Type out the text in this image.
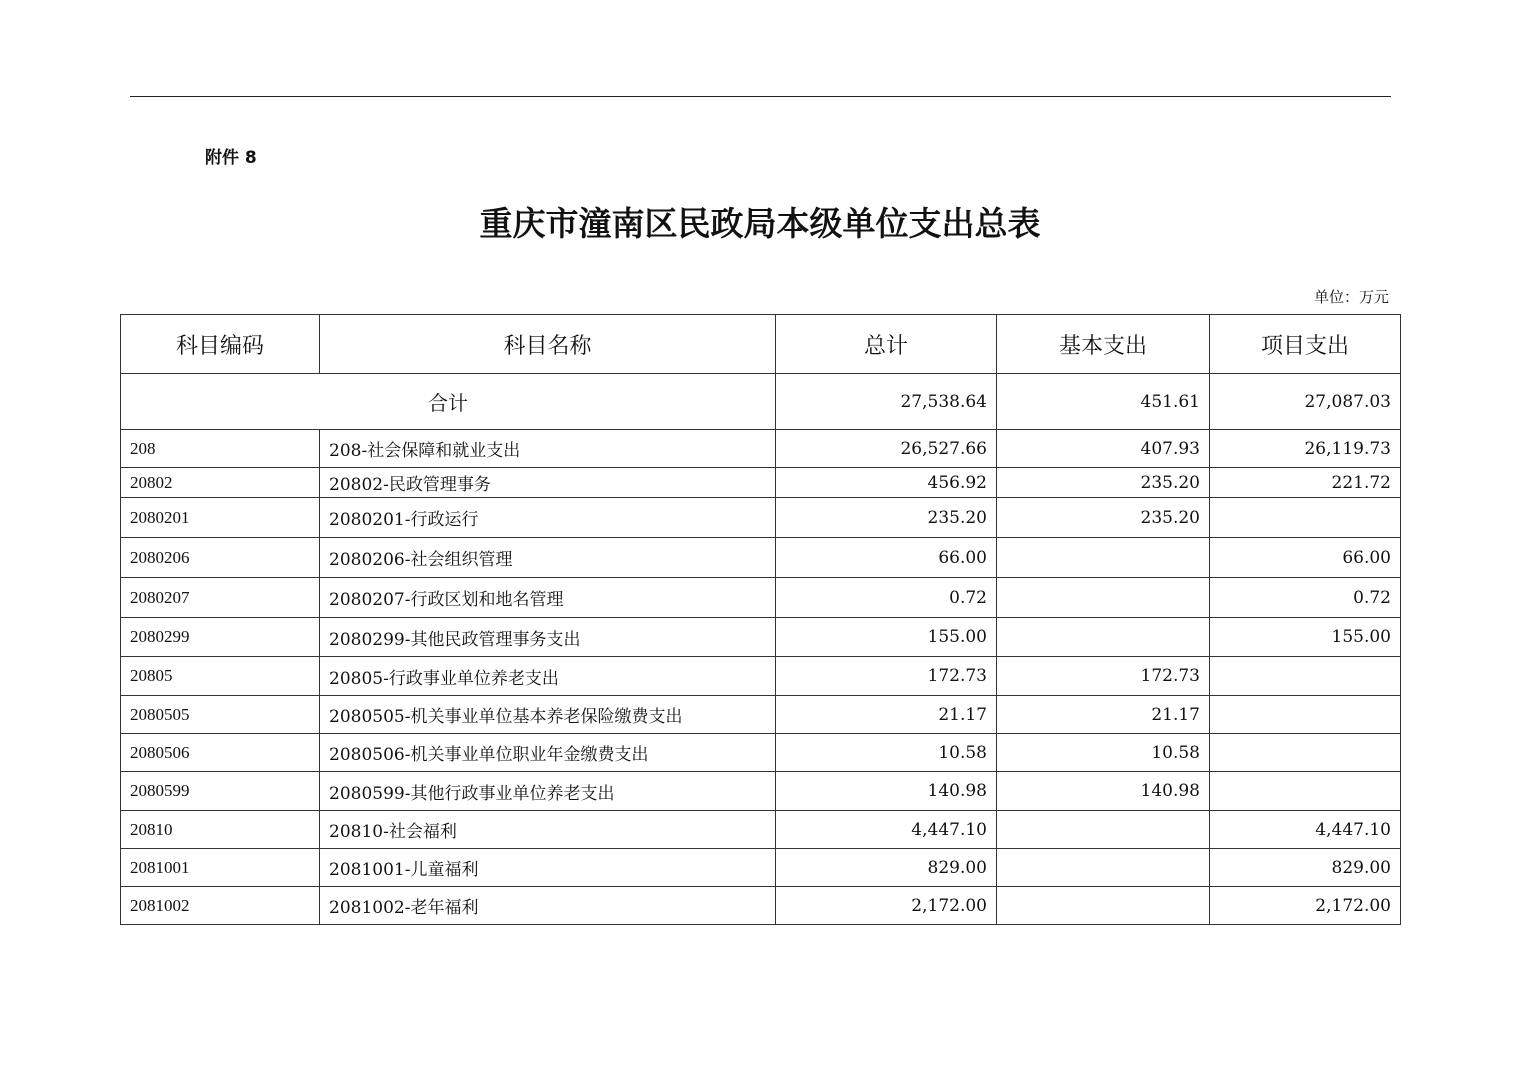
附件 8
重庆市潼南区民政局本级单位支出总表
单位：万元
科目编码	科目名称	总计	基本支出	项目支出
合计		27,538.64	451.61	27,087.03
208	208-社会保障和就业支出	26,527.66	407.93	26,119.73
20802	20802-民政管理事务	456.92	235.20	221.72
2080201	2080201-行政运行	235.20	235.20	
2080206	2080206-社会组织管理	66.00		66.00
2080207	2080207-行政区划和地名管理	0.72		0.72
2080299	2080299-其他民政管理事务支出	155.00		155.00
20805	20805-行政事业单位养老支出	172.73	172.73	
2080505	2080505-机关事业单位基本养老保险缴费支出	21.17	21.17	
2080506	2080506-机关事业单位职业年金缴费支出	10.58	10.58	
2080599	2080599-其他行政事业单位养老支出	140.98	140.98	
20810	20810-社会福利	4,447.10		4,447.10
2081001	2081001-儿童福利	829.00		829.00
2081002	2081002-老年福利	2,172.00		2,172.00
